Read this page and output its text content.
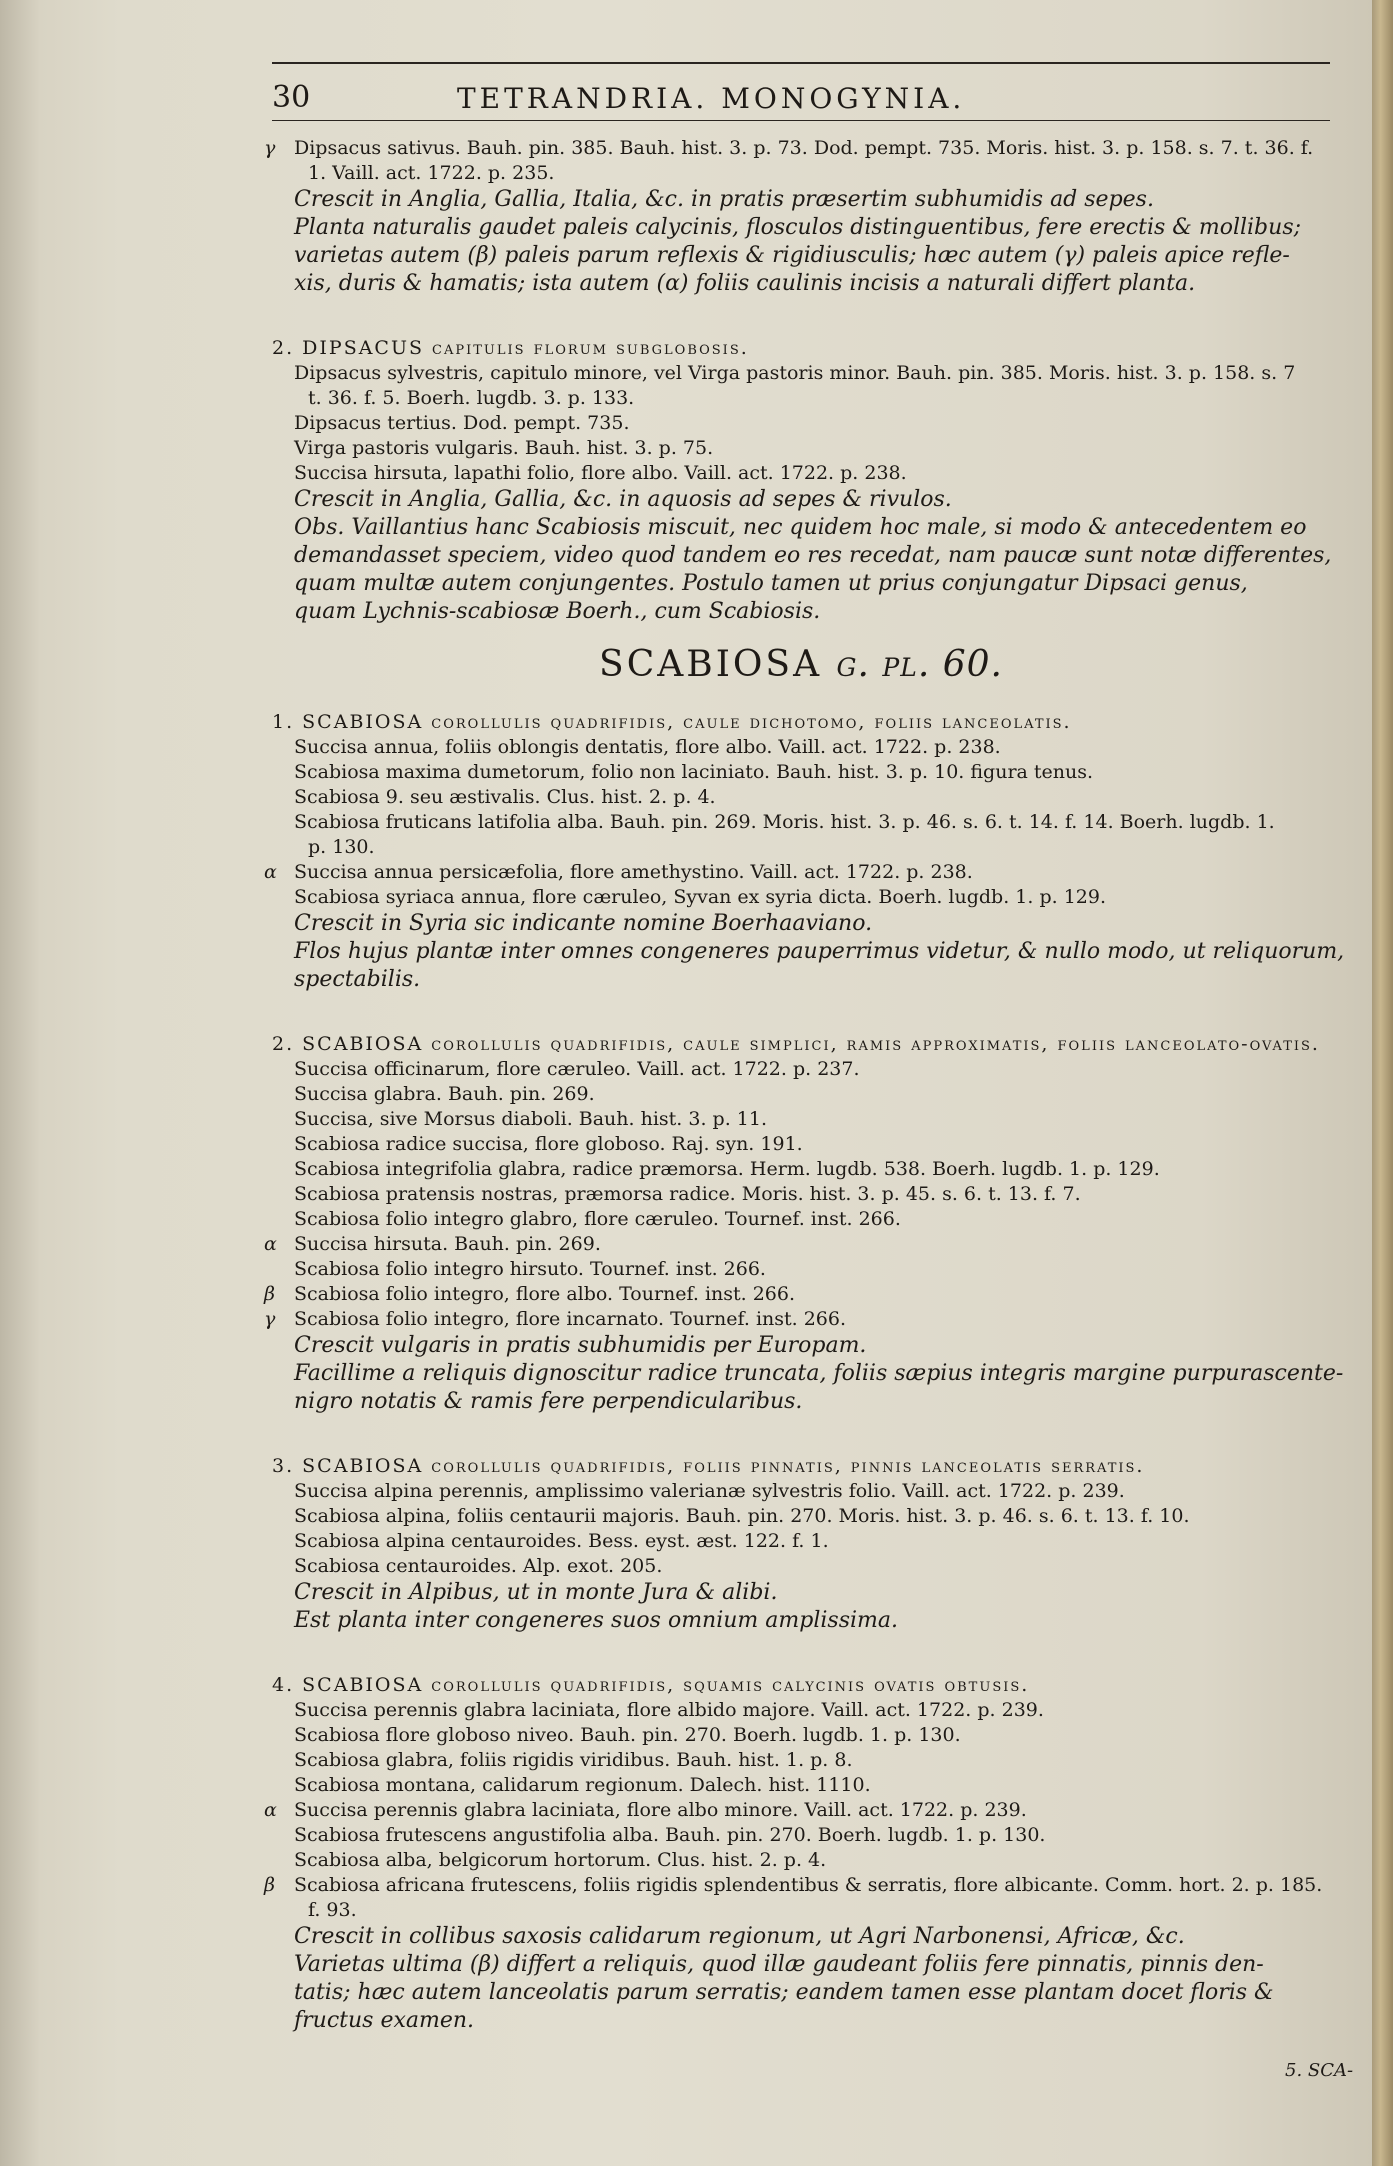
30	TETRANDRIA. MONOGYNIA.
γ Dipsacus sativus. Bauh. pin. 385. Bauh. hist. 3. p. 73. Dod. pempt. 735. Moris. hist. 3. p. 158. s. 7. t. 36. f.
1. Vaill. act. 1722. p. 235.
Crescit in Anglia, Gallia, Italia, &c. in pratis præsertim subhumidis ad sepes.
Planta naturalis gaudet paleis calycinis, flosculos distinguentibus, fere erectis & mollibus;
varietas autem (β) paleis parum reflexis & rigidiusculis; hæc autem (γ) paleis apice refle-
xis, duris & hamatis; ista autem (α) foliis caulinis incisis a naturali differt planta.
2. DIPSACUS capitulis florum subglobosis.
Dipsacus sylvestris, capitulo minore, vel Virga pastoris minor. Bauh. pin. 385. Moris. hist. 3. p. 158. s. 7
t. 36. f. 5. Boerh. lugdb. 3. p. 133.
Dipsacus tertius. Dod. pempt. 735.
Virga pastoris vulgaris. Bauh. hist. 3. p. 75.
Succisa hirsuta, lapathi folio, flore albo. Vaill. act. 1722. p. 238.
Crescit in Anglia, Gallia, &c. in aquosis ad sepes & rivulos.
Obs. Vaillantius hanc Scabiosis miscuit, nec quidem hoc male, si modo & antecedentem eo
demandasset speciem, video quod tandem eo res recedat, nam paucæ sunt notæ differentes,
quam multæ autem conjungentes. Postulo tamen ut prius conjungatur Dipsaci genus,
quam Lychnis-scabiosæ Boerh., cum Scabiosis.
SCABIOSA g. pl. 60.
1. SCABIOSA corollulis quadrifidis, caule dichotomo, foliis lanceolatis.
Succisa annua, foliis oblongis dentatis, flore albo. Vaill. act. 1722. p. 238.
Scabiosa maxima dumetorum, folio non laciniato. Bauh. hist. 3. p. 10. figura tenus.
Scabiosa 9. seu æstivalis. Clus. hist. 2. p. 4.
Scabiosa fruticans latifolia alba. Bauh. pin. 269. Moris. hist. 3. p. 46. s. 6. t. 14. f. 14. Boerh. lugdb. 1.
p. 130.
α Succisa annua persicæfolia, flore amethystino. Vaill. act. 1722. p. 238.
Scabiosa syriaca annua, flore cæruleo, Syvan ex syria dicta. Boerh. lugdb. 1. p. 129.
Crescit in Syria sic indicante nomine Boerhaaviano.
Flos hujus plantæ inter omnes congeneres pauperrimus videtur, & nullo modo, ut reliquorum,
spectabilis.
2. SCABIOSA corollulis quadrifidis, caule simplici, ramis approximatis, foliis lanceolato-ovatis.
Succisa officinarum, flore cæruleo. Vaill. act. 1722. p. 237.
Succisa glabra. Bauh. pin. 269.
Succisa, sive Morsus diaboli. Bauh. hist. 3. p. 11.
Scabiosa radice succisa, flore globoso. Raj. syn. 191.
Scabiosa integrifolia glabra, radice præmorsa. Herm. lugdb. 538. Boerh. lugdb. 1. p. 129.
Scabiosa pratensis nostras, præmorsa radice. Moris. hist. 3. p. 45. s. 6. t. 13. f. 7.
Scabiosa folio integro glabro, flore cæruleo. Tournef. inst. 266.
α Succisa hirsuta. Bauh. pin. 269.
Scabiosa folio integro hirsuto. Tournef. inst. 266.
β Scabiosa folio integro, flore albo. Tournef. inst. 266.
γ Scabiosa folio integro, flore incarnato. Tournef. inst. 266.
Crescit vulgaris in pratis subhumidis per Europam.
Facillime a reliquis dignoscitur radice truncata, foliis sæpius integris margine purpurascente-
nigro notatis & ramis fere perpendicularibus.
3. SCABIOSA corollulis quadrifidis, foliis pinnatis, pinnis lanceolatis serratis.
Succisa alpina perennis, amplissimo valerianæ sylvestris folio. Vaill. act. 1722. p. 239.
Scabiosa alpina, foliis centaurii majoris. Bauh. pin. 270. Moris. hist. 3. p. 46. s. 6. t. 13. f. 10.
Scabiosa alpina centauroides. Bess. eyst. æst. 122. f. 1.
Scabiosa centauroides. Alp. exot. 205.
Crescit in Alpibus, ut in monte Jura & alibi.
Est planta inter congeneres suos omnium amplissima.
4. SCABIOSA corollulis quadrifidis, squamis calycinis ovatis obtusis.
Succisa perennis glabra laciniata, flore albido majore. Vaill. act. 1722. p. 239.
Scabiosa flore globoso niveo. Bauh. pin. 270. Boerh. lugdb. 1. p. 130.
Scabiosa glabra, foliis rigidis viridibus. Bauh. hist. 1. p. 8.
Scabiosa montana, calidarum regionum. Dalech. hist. 1110.
α Succisa perennis glabra laciniata, flore albo minore. Vaill. act. 1722. p. 239.
Scabiosa frutescens angustifolia alba. Bauh. pin. 270. Boerh. lugdb. 1. p. 130.
Scabiosa alba, belgicorum hortorum. Clus. hist. 2. p. 4.
β Scabiosa africana frutescens, foliis rigidis splendentibus & serratis, flore albicante. Comm. hort. 2. p. 185.
f. 93.
Crescit in collibus saxosis calidarum regionum, ut Agri Narbonensi, Africæ, &c.
Varietas ultima (β) differt a reliquis, quod illæ gaudeant foliis fere pinnatis, pinnis den-
tatis; hæc autem lanceolatis parum serratis; eandem tamen esse plantam docet floris &
fructus examen.
5. SCA-
